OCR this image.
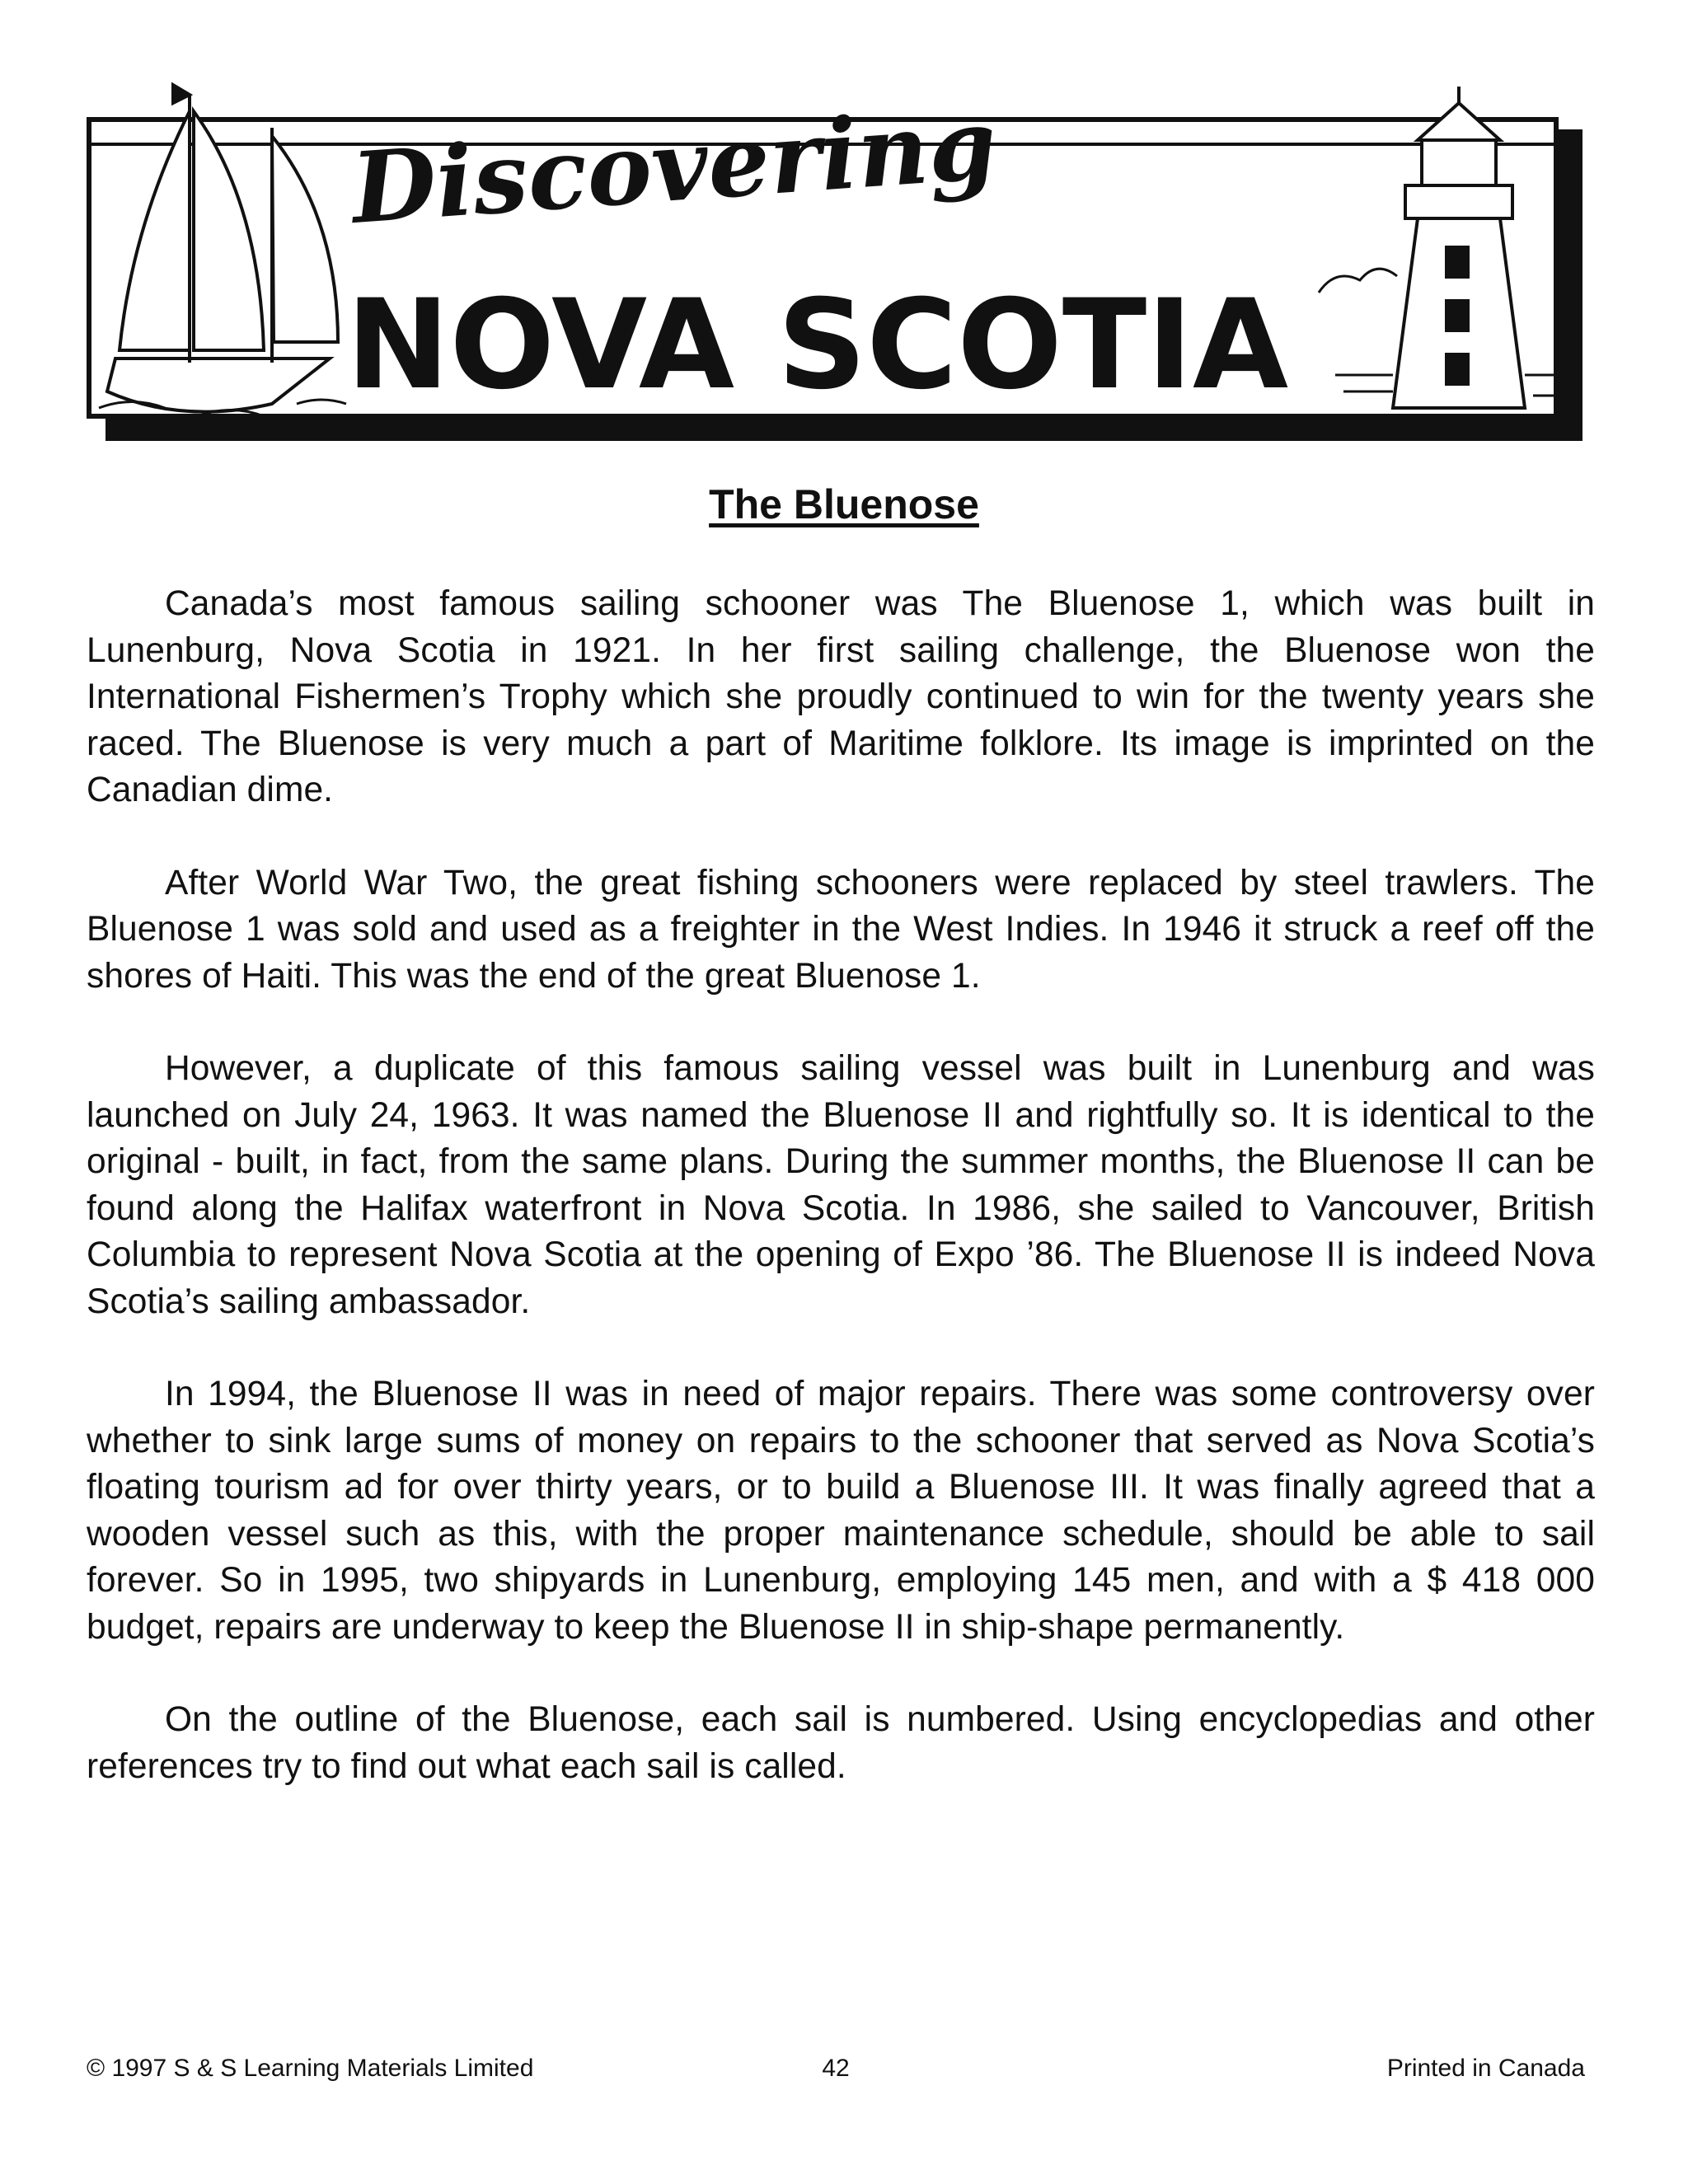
Discovering
NOVA SCOTIA
The Bluenose

Canada’s most famous sailing schooner was The Bluenose 1, which was built in Lunenburg, Nova Scotia in 1921. In her first sailing challenge, the Bluenose won the International Fishermen’s Trophy which she proudly continued to win for the twenty years she raced. The Bluenose is very much a part of Maritime folklore. Its image is imprinted on the Canadian dime.

After World War Two, the great fishing schooners were replaced by steel trawlers. The Bluenose 1 was sold and used as a freighter in the West Indies. In 1946 it struck a reef off the shores of Haiti. This was the end of the great Bluenose 1.

However, a duplicate of this famous sailing vessel was built in Lunenburg and was launched on July 24, 1963. It was named the Bluenose II and rightfully so. It is identical to the original - built, in fact, from the same plans. During the summer months, the Bluenose II can be found along the Halifax waterfront in Nova Scotia. In 1986, she sailed to Vancouver, British Columbia to represent Nova Scotia at the opening of Expo ’86. The Bluenose II is indeed Nova Scotia’s sailing ambassador.

In 1994, the Bluenose II was in need of major repairs. There was some controversy over whether to sink large sums of money on repairs to the schooner that served as Nova Scotia’s floating tourism ad for over thirty years, or to build a Bluenose III. It was finally agreed that a wooden vessel such as this, with the proper maintenance schedule, should be able to sail forever. So in 1995, two shipyards in Lunenburg, employing 145 men, and with a $ 418 000 budget, repairs are underway to keep the Bluenose II in ship-shape permanently.

On the outline of the Bluenose, each sail is numbered. Using encyclopedias and other references try to find out what each sail is called.

© 1997 S & S Learning Materials Limited	42	Printed in Canada
